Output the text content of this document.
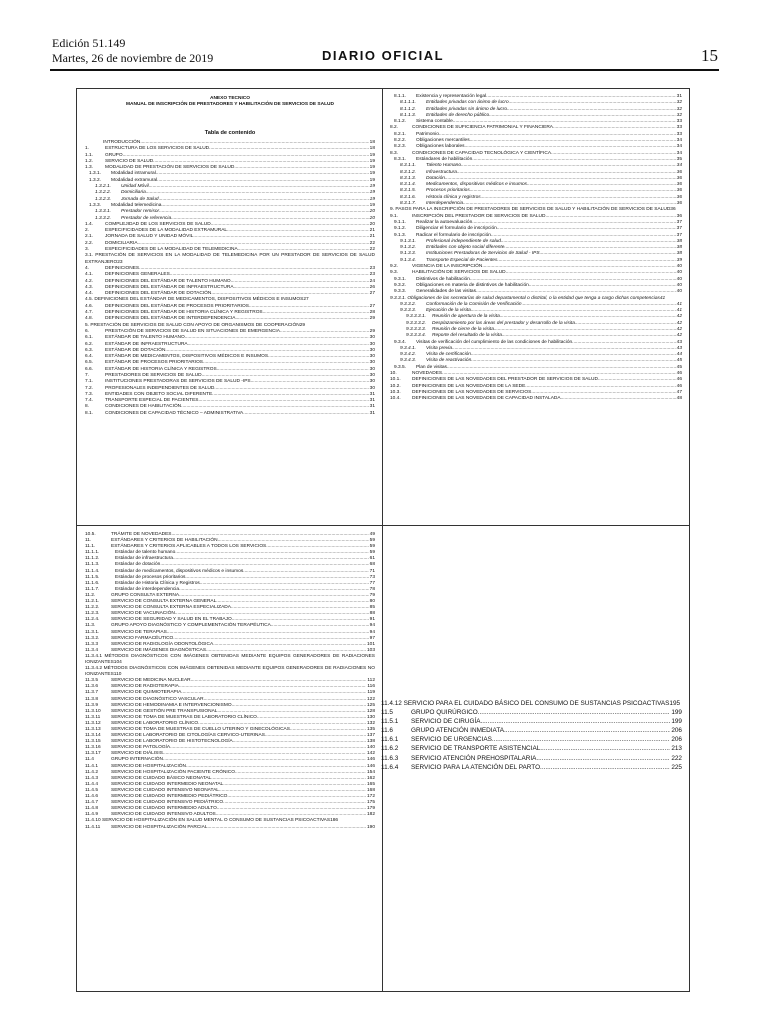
Edición 51.149
Martes, 26 de noviembre de 2019	DIARIO OFICIAL	15
ANEXO TECNICO
MANUAL DE INSCRIPCIÓN DE PRESTADORES Y HABILITACIÓN DE SERVICIOS DE SALUD
Tabla de contenido
INTRODUCCIÓN .....	18
1.	ESTRUCTURA DE LOS SERVICIOS DE SALUD .....	18
1.1.	GRUPO .....	19
1.2.	SERVICIO DE SALUD .....	19
1.3.	MODALIDAD DE PRESTACIÓN DE SERVICIOS DE SALUD .....	19
1.3.1.	Modalidad intramural .....	19
1.3.2.	Modalidad extramural .....	19
1.3.2.1.	Unidad Móvil .....	19
1.3.2.2.	Domiciliaria .....	19
1.3.2.3.	Jornada de Salud .....	19
1.3.3.	Modalidad telemedicina .....	19
1.3.3.1.	Prestador remisor .....	20
1.3.3.2.	Prestador de referencia .....	20
1.4.	COMPLEJIDAD DE LOS SERVICIOS DE SALUD .....	20
2.	ESPECIFICIDADES DE LA MODALIDAD EXTRAMURAL .....	21
2.1.	JORNADA DE SALUD Y UNIDAD MÓVIL .....	21
2.2.	DOMICILIARIA .....	22
3.	ESPECIFICIDADES DE LA MODALIDAD DE TELEMEDICINA .....	22
3.1. PRESTACIÓN DE SERVICIOS EN LA MODALIDAD DE TELEMEDICINA POR UN PRESTADOR DE SERVICIOS DE SALUD EXTRANJERO23
4.	DEFINICIONES .....	23
4.1.	DEFINICIONES GENERALES .....	23
4.2.	DEFINICIONES DEL ESTÁNDAR DE TALENTO HUMANO .....	24
4.3.	DEFINICIONES DEL ESTÁNDAR DE INFRAESTRUCTURA .....	26
4.4.	DEFINICIONES DEL ESTÁNDAR DE DOTACIÓN .....	27
4.5. DEFINICIONES DEL ESTÁNDAR DE MEDICAMENTOS, DISPOSITIVOS MÉDICOS E INSUMOS27
4.6.	DEFINICIONES DEL ESTÁNDAR DE PROCESOS PRIORITARIOS .....	27
4.7.	DEFINICIONES DEL ESTÁNDAR DE HISTORIA CLÍNICA Y REGISTROS .....	28
4.8.	DEFINICIONES DEL ESTÁNDAR DE INTERDEPENDENCIA .....	29
5. PRESTACIÓN DE SERVICIOS DE SALUD CON APOYO DE ORGANISMOS DE COOPERACIÓN29
6.	PRESTACIÓN DE SERVICIOS DE SALUD EN SITUACIONES DE EMERGENCIA .....	29
6.1.	ESTÁNDAR DE TALENTO HUMANO .....	30
6.2.	ESTÁNDAR DE INFRAESTRUCTURA .....	30
6.3.	ESTÁNDAR DE DOTACIÓN .....	30
6.4.	ESTÁNDAR DE MEDICAMENTOS, DISPOSITIVOS MÉDICOS E INSUMOS .....	30
6.5.	ESTÁNDAR DE PROCESOS PRIORITARIOS .....	30
6.6.	ESTÁNDAR DE HISTORIA CLÍNICA Y REGISTROS .....	30
7.	PRESTADORES DE SERVICIOS DE SALUD .....	30
7.1.	INSTITUCIONES PRESTADORAS DE SERVICIOS DE SALUD -IPS .....	30
7.2.	PROFESIONALES INDEPENDIENTES DE SALUD .....	30
7.3.	ENTIDADES CON OBJETO SOCIAL DIFERENTE .....	31
7.4.	TRANSPORTE ESPECIAL DE PACIENTES .....	31
8.	CONDICIONES DE HABILITACIÓN .....	31
8.1.	CONDICIONES DE CAPACIDAD TÉCNICO – ADMINISTRATIVA .....	31
8.1.1.	Existencia y representación legal .....	31
8.1.1.1.	Entidades privadas con ánimo de lucro .....	32
8.1.1.2.	Entidades privadas sin ánimo de lucro .....	32
8.1.1.3.	Entidades de derecho público .....	32
8.1.2.	Sistema contable .....	33
8.2.	CONDICIONES DE SUFICIENCIA PATRIMONIAL Y FINANCIERA .....	33
8.2.1.	Patrimonio .....	33
8.2.2.	Obligaciones mercantiles .....	34
8.2.3.	Obligaciones laborales .....	34
8.3.	CONDICIONES DE CAPACIDAD TECNOLÓGICA Y CIENTÍFICA .....	34
8.3.1.	Estándares de habilitación .....	35
8.3.1.1.	Talento Humano .....	34
8.3.1.2.	Infraestructura .....	36
8.3.1.3.	Dotación .....	36
8.3.1.4.	Medicamentos, dispositivos médicos e insumos .....	36
8.3.1.5.	Procesos prioritarios .....	36
8.3.1.6.	Historia clínica y registros .....	36
8.3.1.7.	Interdependencia .....	36
9. PASOS PARA LA INSCRIPCIÓN DE PRESTADORES DE SERVICIOS DE SALUD Y HABILITACIÓN DE SERVICIOS DE SALUD36
9.1.	INSCRIPCIÓN DEL PRESTADOR DE SERVICIOS DE SALUD .....	36
9.1.1.	Realizar la autoevaluación .....	37
9.1.2.	Diligenciar el formulario de inscripción .....	37
9.1.3.	Radicar el formulario de inscripción .....	37
9.1.3.1.	Profesional independiente de salud .....	38
9.1.3.2.	Entidades con objeto social diferente .....	38
9.1.3.3.	Instituciones Prestadoras de Servicios de Salud - IPS .....	38
9.1.3.4.	Transporte Especial de Pacientes .....	39
9.2.	VIGENCIA DE LA INSCRIPCIÓN .....	40
9.3.	HABILITACIÓN DE SERVICIOS DE SALUD .....	40
9.3.1.	Distintivos de habilitación .....	40
9.3.2.	Obligaciones en materia de distintivos de habilitación .....	40
9.3.3.	Generalidades de las visitas .....	40
9.3.3.1. Obligaciones de las secretarías de salud departamental o distrital, o la entidad que tenga a cargo dichas competencias41
9.3.3.2.	Conformación de la Comisión de Verificación .....	41
9.3.3.3.	Ejecución de la visita .....	41
9.3.3.3.1.	Reunión de apertura de la visita .....	42
9.3.3.3.2.	Desplazamiento por las áreas del prestador y desarrollo de la visita .....	42
9.3.3.3.3.	Reunión de cierre de la visita .....	42
9.3.3.3.4.	Reporte del resultado de la visita .....	42
9.3.4.	Visitas de verificación del cumplimiento de las condiciones de habilitación .....	43
9.3.4.1.	Visita previa .....	43
9.3.4.2.	Visita de certificación .....	44
9.3.4.3.	Visita de reactivación .....	45
9.3.5.	Plan de visitas .....	45
10.	NOVEDADES .....	46
10.1.	DEFINICIONES DE LAS NOVEDADES DEL PRESTADOR DE SERVICIOS DE SALUD .....	46
10.2.	DEFINICIONES DE LAS NOVEDADES DE LA SEDE .....	46
10.3.	DEFINICIONES DE LAS NOVEDADES DE SERVICIOS .....	47
10.4.	DEFINICIONES DE LAS NOVEDADES DE CAPACIDAD INSTALADA .....	48
10.5.	TRÁMITE DE NOVEDADES .....	49
11.	ESTÁNDARES Y CRITERIOS DE HABILITACIÓN .....	59
11.1.	ESTÁNDARES Y CRITERIOS APLICABLES A TODOS LOS SERVICIOS .....	59
11.1.1.	Estándar de talento humano .....	59
11.1.2.	Estándar de infraestructura .....	61
11.1.3.	Estándar de dotación .....	68
11.1.4.	Estándar de medicamentos, dispositivos médicos e insumos .....	71
11.1.5.	Estándar de procesos prioritarios .....	73
11.1.6.	Estándar de Historia Clínica y Registros .....	77
11.1.7.	Estándar de interdependencia .....	78
11.2.	GRUPO CONSULTA EXTERNA .....	79
11.2.1.	SERVICIO DE CONSULTA EXTERNA GENERAL .....	80
11.2.2.	SERVICIO DE CONSULTA EXTERNA ESPECIALIZADA .....	85
11.2.3.	SERVICIO DE VACUNACIÓN .....	88
11.2.4.	SERVICIO DE SEGURIDAD Y SALUD EN EL TRABAJO .....	91
11.3.	GRUPO APOYO DIAGNÓSTICO Y COMPLEMENTACIÓN TERAPÉUTICA .....	94
11.3.1.	SERVICIO DE TERAPIAS .....	94
11.3.2.	SERVICIO FARMACÉUTICO .....	97
11.3.3	SERVICIO DE RADIOLOGÍA ODONTOLÓGICA .....	101
11.3.4	SERVICIO DE IMÁGENES DIAGNÓSTICAS .....	103
11.3.4.1 MÉTODOS DIAGNÓSTICOS CON IMÁGENES OBTENIDAS MEDIANTE EQUIPOS GENERADORES DE RADIACIONES IONIZANTES104
11.3.4.2 MÉTODOS DIAGNÓSTICOS CON IMÁGENES OBTENIDAS MEDIANTE EQUIPOS GENERADORES DE RADIACIONES NO IONIZANTES110
11.3.5	SERVICIO DE MEDICINA NUCLEAR .....	112
11.3.6	SERVICIO DE RADIOTERAPIA .....	116
11.3.7	SERVICIO DE QUIMIOTERAPIA .....	119
11.3.8	SERVICIO DE DIAGNÓSTICO VASCULAR .....	122
11.3.9	SERVICIO DE HEMODINAMIA E INTERVENCIONISMO .....	125
11.3.10	SERVICIO DE GESTIÓN PRE TRANSFUSIONAL .....	128
11.3.11	SERVICIO DE TOMA DE MUESTRAS DE LABORATORIO CLÍNICO .....	130
11.3.12	SERVICIO DE LABORATORIO CLÍNICO .....	132
11.3.13	SERVICIO DE TOMA DE MUESTRAS DE CUELLO UTERINO Y GINECOLÓGICAS .....	135
11.3.14	SERVICIO DE LABORATORIO DE CITOLOGÍAS CERVICO-UTERINAS .....	137
11.3.15	SERVICIO DE LABORATORIO DE HISTOTECNOLOGÍA .....	138
11.3.16	SERVICIO DE PATOLOGÍA .....	140
11.3.17	SERVICIO DE DIÁLISIS .....	142
11.4	GRUPO INTERNACIÓN .....	146
11.4.1	SERVICIO DE HOSPITALIZACIÓN .....	146
11.4.2	SERVICIO DE HOSPITALIZACIÓN PACIENTE CRÓNICO .....	154
11.4.3	SERVICIO DE CUIDADO BÁSICO NEONATAL .....	162
11.4.4	SERVICIO DE CUIDADO INTERMEDIO NEONATAL .....	165
11.4.5	SERVICIO DE CUIDADO INTENSIVO NEONATAL .....	168
11.4.6	SERVICIO DE CUIDADO INTERMEDIO PEDIÁTRICO .....	172
11.4.7	SERVICIO DE CUIDADO INTENSIVO PEDIÁTRICO .....	175
11.4.8	SERVICIO DE CUIDADO INTERMEDIO ADULTO .....	179
11.4.9	SERVICIO DE CUIDADO INTENSIVO ADULTOS .....	182
11.4.10 SERVICIO DE HOSPITALIZACIÓN EN SALUD MENTAL O CONSUMO DE SUSTANCIAS PSICOACTIVAS186
11.4.11	SERVICIO DE HOSPITALIZACIÓN PARCIAL .....	190
11.4.12 SERVICIO PARA EL CUIDADO BÁSICO DEL CONSUMO DE SUSTANCIAS PSICOACTIVAS195
11.5	GRUPO QUIRÚRGICO .....	199
11.5.1	SERVICIO DE CIRUGÍA .....	199
11.6	GRUPO ATENCIÓN INMEDIATA .....	206
11.6.1	SERVICIO DE URGENCIAS .....	206
11.6.2	SERVICIO DE TRANSPORTE ASISTENCIAL .....	213
11.6.3	SERVICIO ATENCIÓN PREHOSPITALARIA .....	222
11.6.4	SERVICIO PARA LA ATENCIÓN DEL PARTO .....	225
